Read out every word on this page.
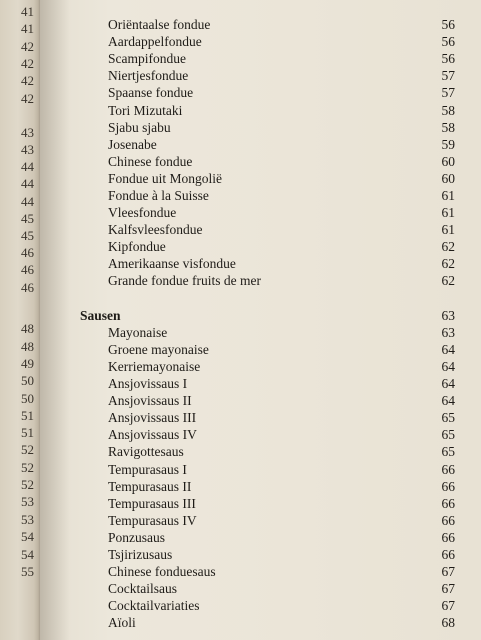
41
41
42
42
42
42
43
43
44
44
44
45
45
46
46
46
48
48
49
50
50
51
51
52
52
52
53
53
54
54
55
Oriëntaalse fondue	56
Aardappelfondue	56
Scampifondue	56
Niertjesfondue	57
Spaanse fondue	57
Tori Mizutaki	58
Sjabu sjabu	58
Josenabe	59
Chinese fondue	60
Fondue uit Mongolië	60
Fondue à la Suisse	61
Vleesfondue	61
Kalfsvleesfondue	61
Kipfondue	62
Amerikaanse visfondue	62
Grande fondue fruits de mer	62
Sausen	63
Mayonaise	63
Groene mayonaise	64
Kerriemayonaise	64
Ansjovissaus I	64
Ansjovissaus II	64
Ansjovissaus III	65
Ansjovissaus IV	65
Ravigottesaus	65
Tempurasaus I	66
Tempurasaus II	66
Tempurasaus III	66
Tempurasaus IV	66
Ponzusaus	66
Tsjirizusaus	66
Chinese fonduesaus	67
Cocktailsaus	67
Cocktailvariaties	67
Aïoli	68
